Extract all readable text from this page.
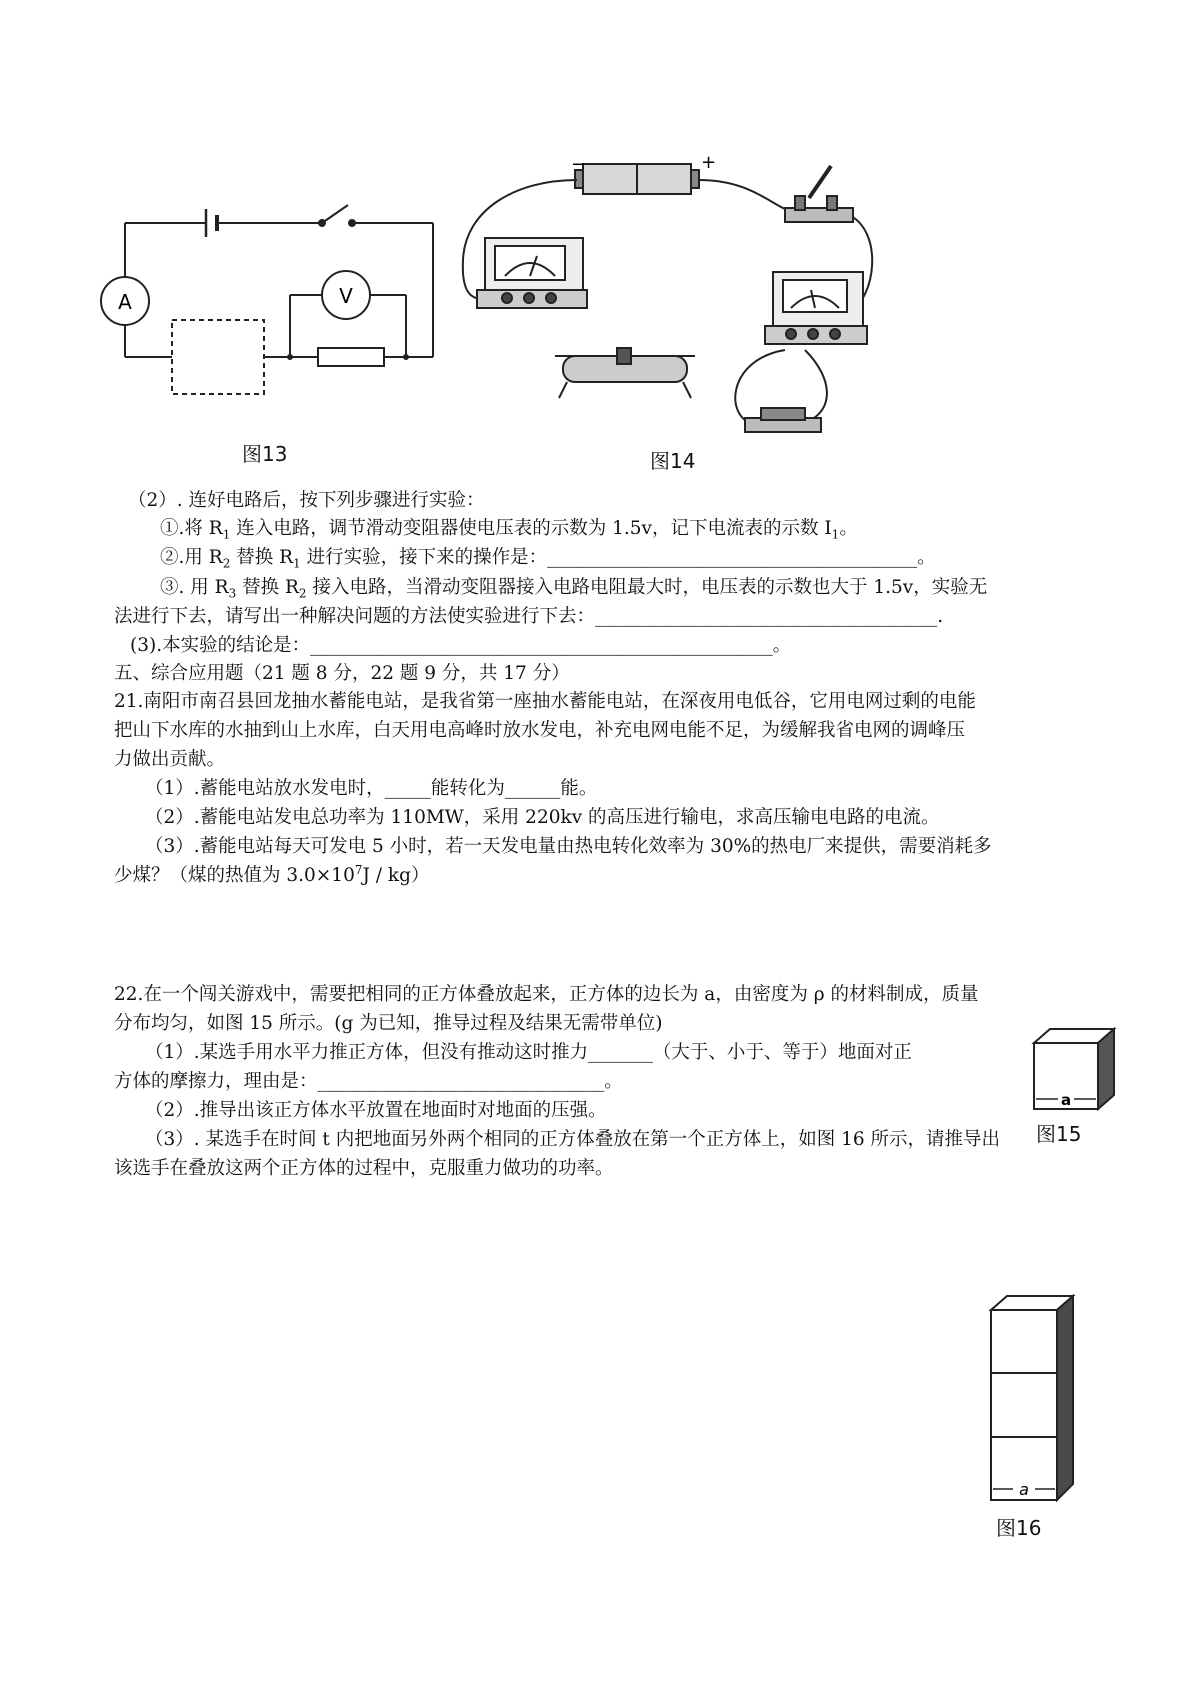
A	V
图13
−	+
图14
（2）. 连好电路后，按下列步骤进行实验：
①.将 $R_1$ 连入电路，调节滑动变阻器使电压表的示数为 1.5v，记下电流表的示数 $I_1$。
②.用 $R_2$ 替换 $R_1$ 进行实验，接下来的操作是：________________________________________。
③. 用 $R_3$ 替换 $R_2$ 接入电路，当滑动变阻器接入电路电阻最大时，电压表的示数也大于 1.5v，实验无
法进行下去，请写出一种解决问题的方法使实验进行下去：_____________________________________.
(3).本实验的结论是：__________________________________________________。
五、综合应用题（21 题 8 分，22 题 9 分，共 17 分）
21.南阳市南召县回龙抽水蓄能电站，是我省第一座抽水蓄能电站，在深夜用电低谷，它用电网过剩的电能
把山下水库的水抽到山上水库，白天用电高峰时放水发电，补充电网电能不足，为缓解我省电网的调峰压
力做出贡献。
（1）.蓄能电站放水发电时，_____能转化为______能。
（2）.蓄能电站发电总功率为 110MW，采用 220kv 的高压进行输电，求高压输电电路的电流。
（3）.蓄能电站每天可发电 5 小时，若一天发电量由热电转化效率为 30%的热电厂来提供，需要消耗多
少煤？（煤的热值为 $3.0\times 10^7J / kg$）
22.在一个闯关游戏中，需要把相同的正方体叠放起来，正方体的边长为 a，由密度为 ρ 的材料制成，质量
分布均匀，如图 15 所示。(g 为已知，推导过程及结果无需带单位)
（1）.某选手用水平力推正方体，但没有推动这时推力_______（大于、小于、等于）地面对正
方体的摩擦力，理由是：_______________________________。
（2）.推导出该正方体水平放置在地面时对地面的压强。
（3）. 某选手在时间 t 内把地面另外两个相同的正方体叠放在第一个正方体上，如图 16 所示，请推导出
该选手在叠放这两个正方体的过程中，克服重力做功的功率。
a
图15
a
图16
